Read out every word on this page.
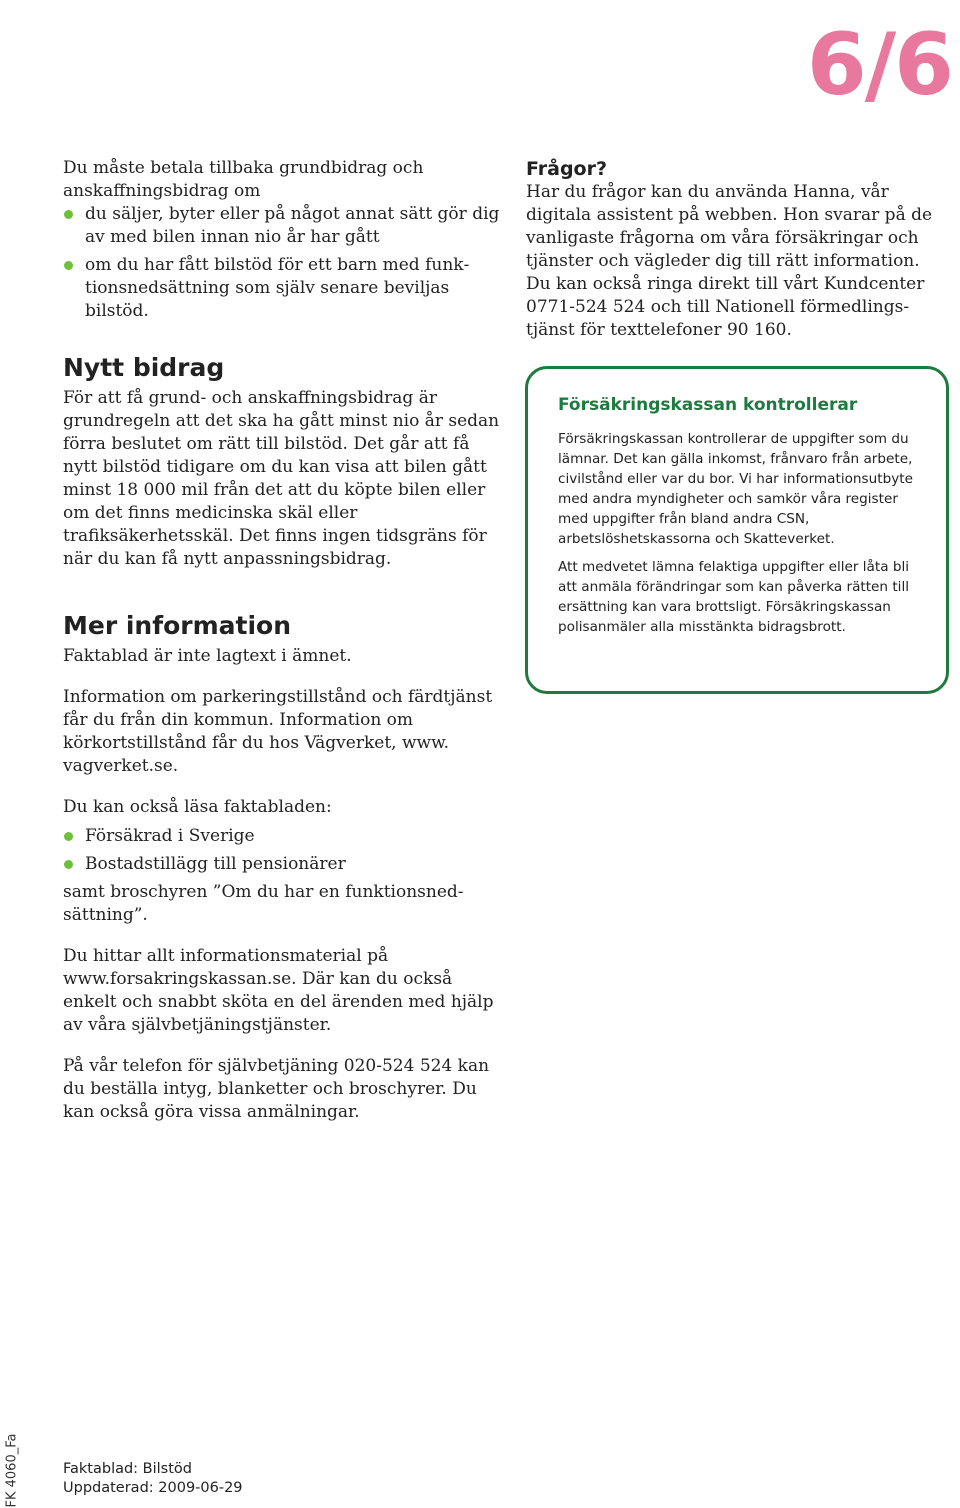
6/6

Du måste betala tillbaka grundbidrag och anskaffningsbidrag om

du säljer, byter eller på något annat sätt gör dig av med bilen innan nio år har gått
om du har fått bilstöd för ett barn med funktionsnedsättning som själv senare beviljas bilstöd.
Nytt bidrag

För att få grund- och anskaffningsbidrag är grundregeln att det ska ha gått minst nio år sedan förra beslutet om rätt till bilstöd. Det går att få nytt bilstöd tidigare om du kan visa att bilen gått minst 18 000 mil från det att du köpte bilen eller om det finns medicinska skäl eller trafiksäkerhetsskäl. Det finns ingen tidsgräns för när du kan få nytt anpassningsbidrag.

Mer information

Faktablad är inte lagtext i ämnet.

Information om parkeringstillstånd och färdtjänst får du från din kommun. Information om körkortstillstånd får du hos Vägverket, www. vagverket.se.

Du kan också läsa faktabladen:

Försäkrad i Sverige
Bostadstillägg till pensionärer

samt broschyren ”Om du har en funktionsnedsättning”.

Du hittar allt informationsmaterial på www.forsakringskassan.se. Där kan du också enkelt och snabbt sköta en del ärenden med hjälp av våra självbetjäningstjänster.

På vår telefon för självbetjäning 020-524 524 kan du beställa intyg, blanketter och broschyrer. Du kan också göra vissa anmälningar.

Frågor?

Har du frågor kan du använda Hanna, vår digitala assistent på webben. Hon svarar på de vanligaste frågorna om våra försäkringar och tjänster och vägleder dig till rätt information. Du kan också ringa direkt till vårt Kundcenter 0771-524 524 och till Nationell förmedlingstjänst för texttelefoner 90 160.

Försäkringskassan kontrollerar

Försäkringskassan kontrollerar de uppgifter som du lämnar. Det kan gälla inkomst, frånvaro från arbete, civilstånd eller var du bor. Vi har informationsutbyte med andra myndigheter och samkör våra register med uppgifter från bland andra CSN, arbetslöshetskassorna och Skatteverket.

Att medvetet lämna felaktiga uppgifter eller låta bli att anmäla förändringar som kan påverka rätten till ersättning kan vara brottsligt. Försäkringskassan polisanmäler alla misstänkta bidragsbrott.

FK 4060_Fa	Faktablad: Bilstöd
Uppdaterad: 2009-06-29
